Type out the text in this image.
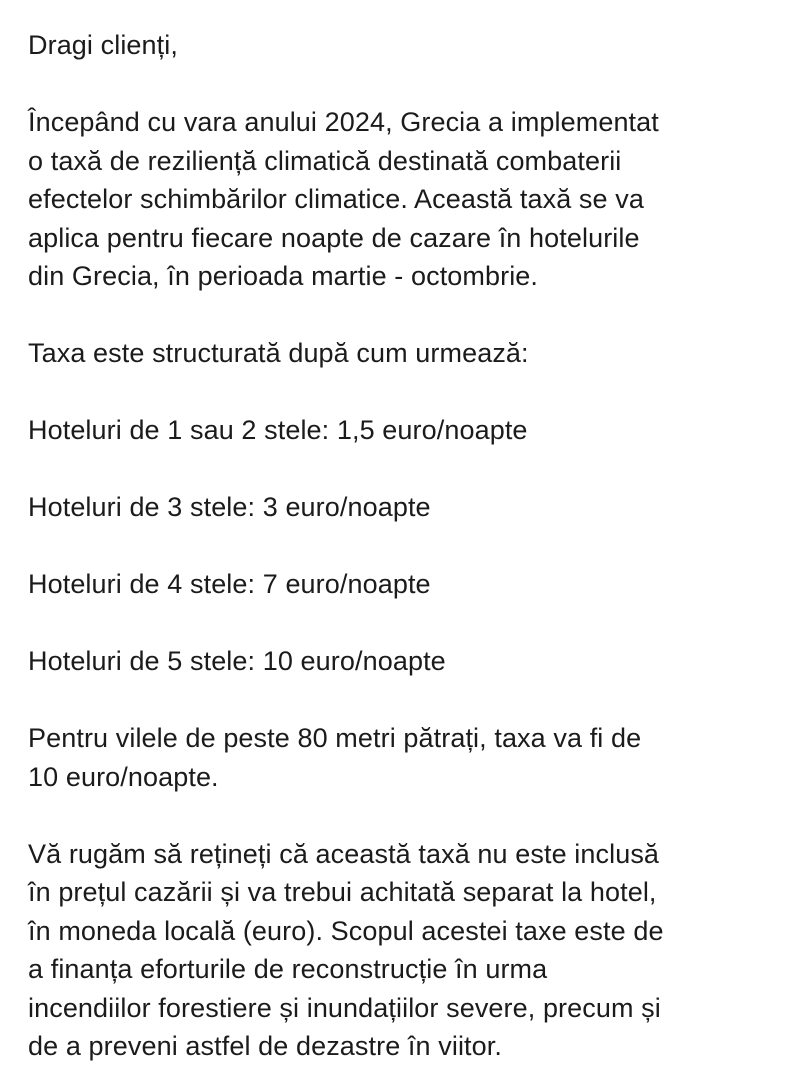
Dragi clienți,

Începând cu vara anului 2024, Grecia a implementat
o taxă de reziliență climatică destinată combaterii
efectelor schimbărilor climatice. Această taxă se va
aplica pentru fiecare noapte de cazare în hotelurile
din Grecia, în perioada martie - octombrie.

Taxa este structurată după cum urmează:

Hoteluri de 1 sau 2 stele: 1,5 euro/noapte

Hoteluri de 3 stele: 3 euro/noapte

Hoteluri de 4 stele: 7 euro/noapte

Hoteluri de 5 stele: 10 euro/noapte

Pentru vilele de peste 80 metri pătrați, taxa va fi de
10 euro/noapte.

Vă rugăm să rețineți că această taxă nu este inclusă
în prețul cazării și va trebui achitată separat la hotel,
în moneda locală (euro). Scopul acestei taxe este de
a finanța eforturile de reconstrucție în urma
incendiilor forestiere și inundațiilor severe, precum și
de a preveni astfel de dezastre în viitor.
